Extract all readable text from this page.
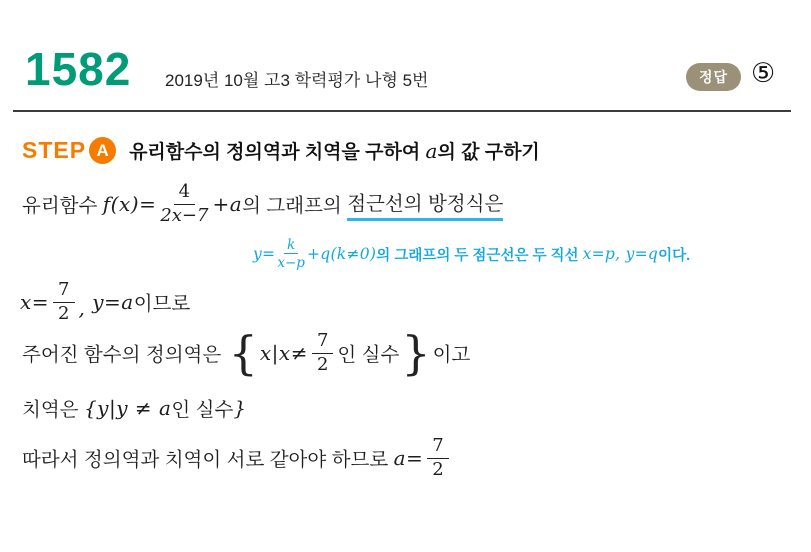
1582 2019년 10월 고3 학력평가 나형 5번	정답 ⑤
STEP A	유리함수의 정의역과 치역을 구하여 a의 값 구하기
유리함수 $f(x)= \frac{4}{2x-7} +a$ 의 그래프의 점근선의 방정식은
$y= \frac{k}{x-p} +q(k\ne 0)$ 의 그래프의 두 점근선은 두 직선 x=p, y=q 이다.
$x= \frac{7}{2}$ , y=a 이므로
주어진 함수의 정의역은 { $x|x\ne \frac{7}{2}$ 인 실수 } 이고
치역은 { y|y ≠ a 인 실수 }
따라서 정의역과 치역이 서로 같아야 하므로 $a= \frac{7}{2}$
